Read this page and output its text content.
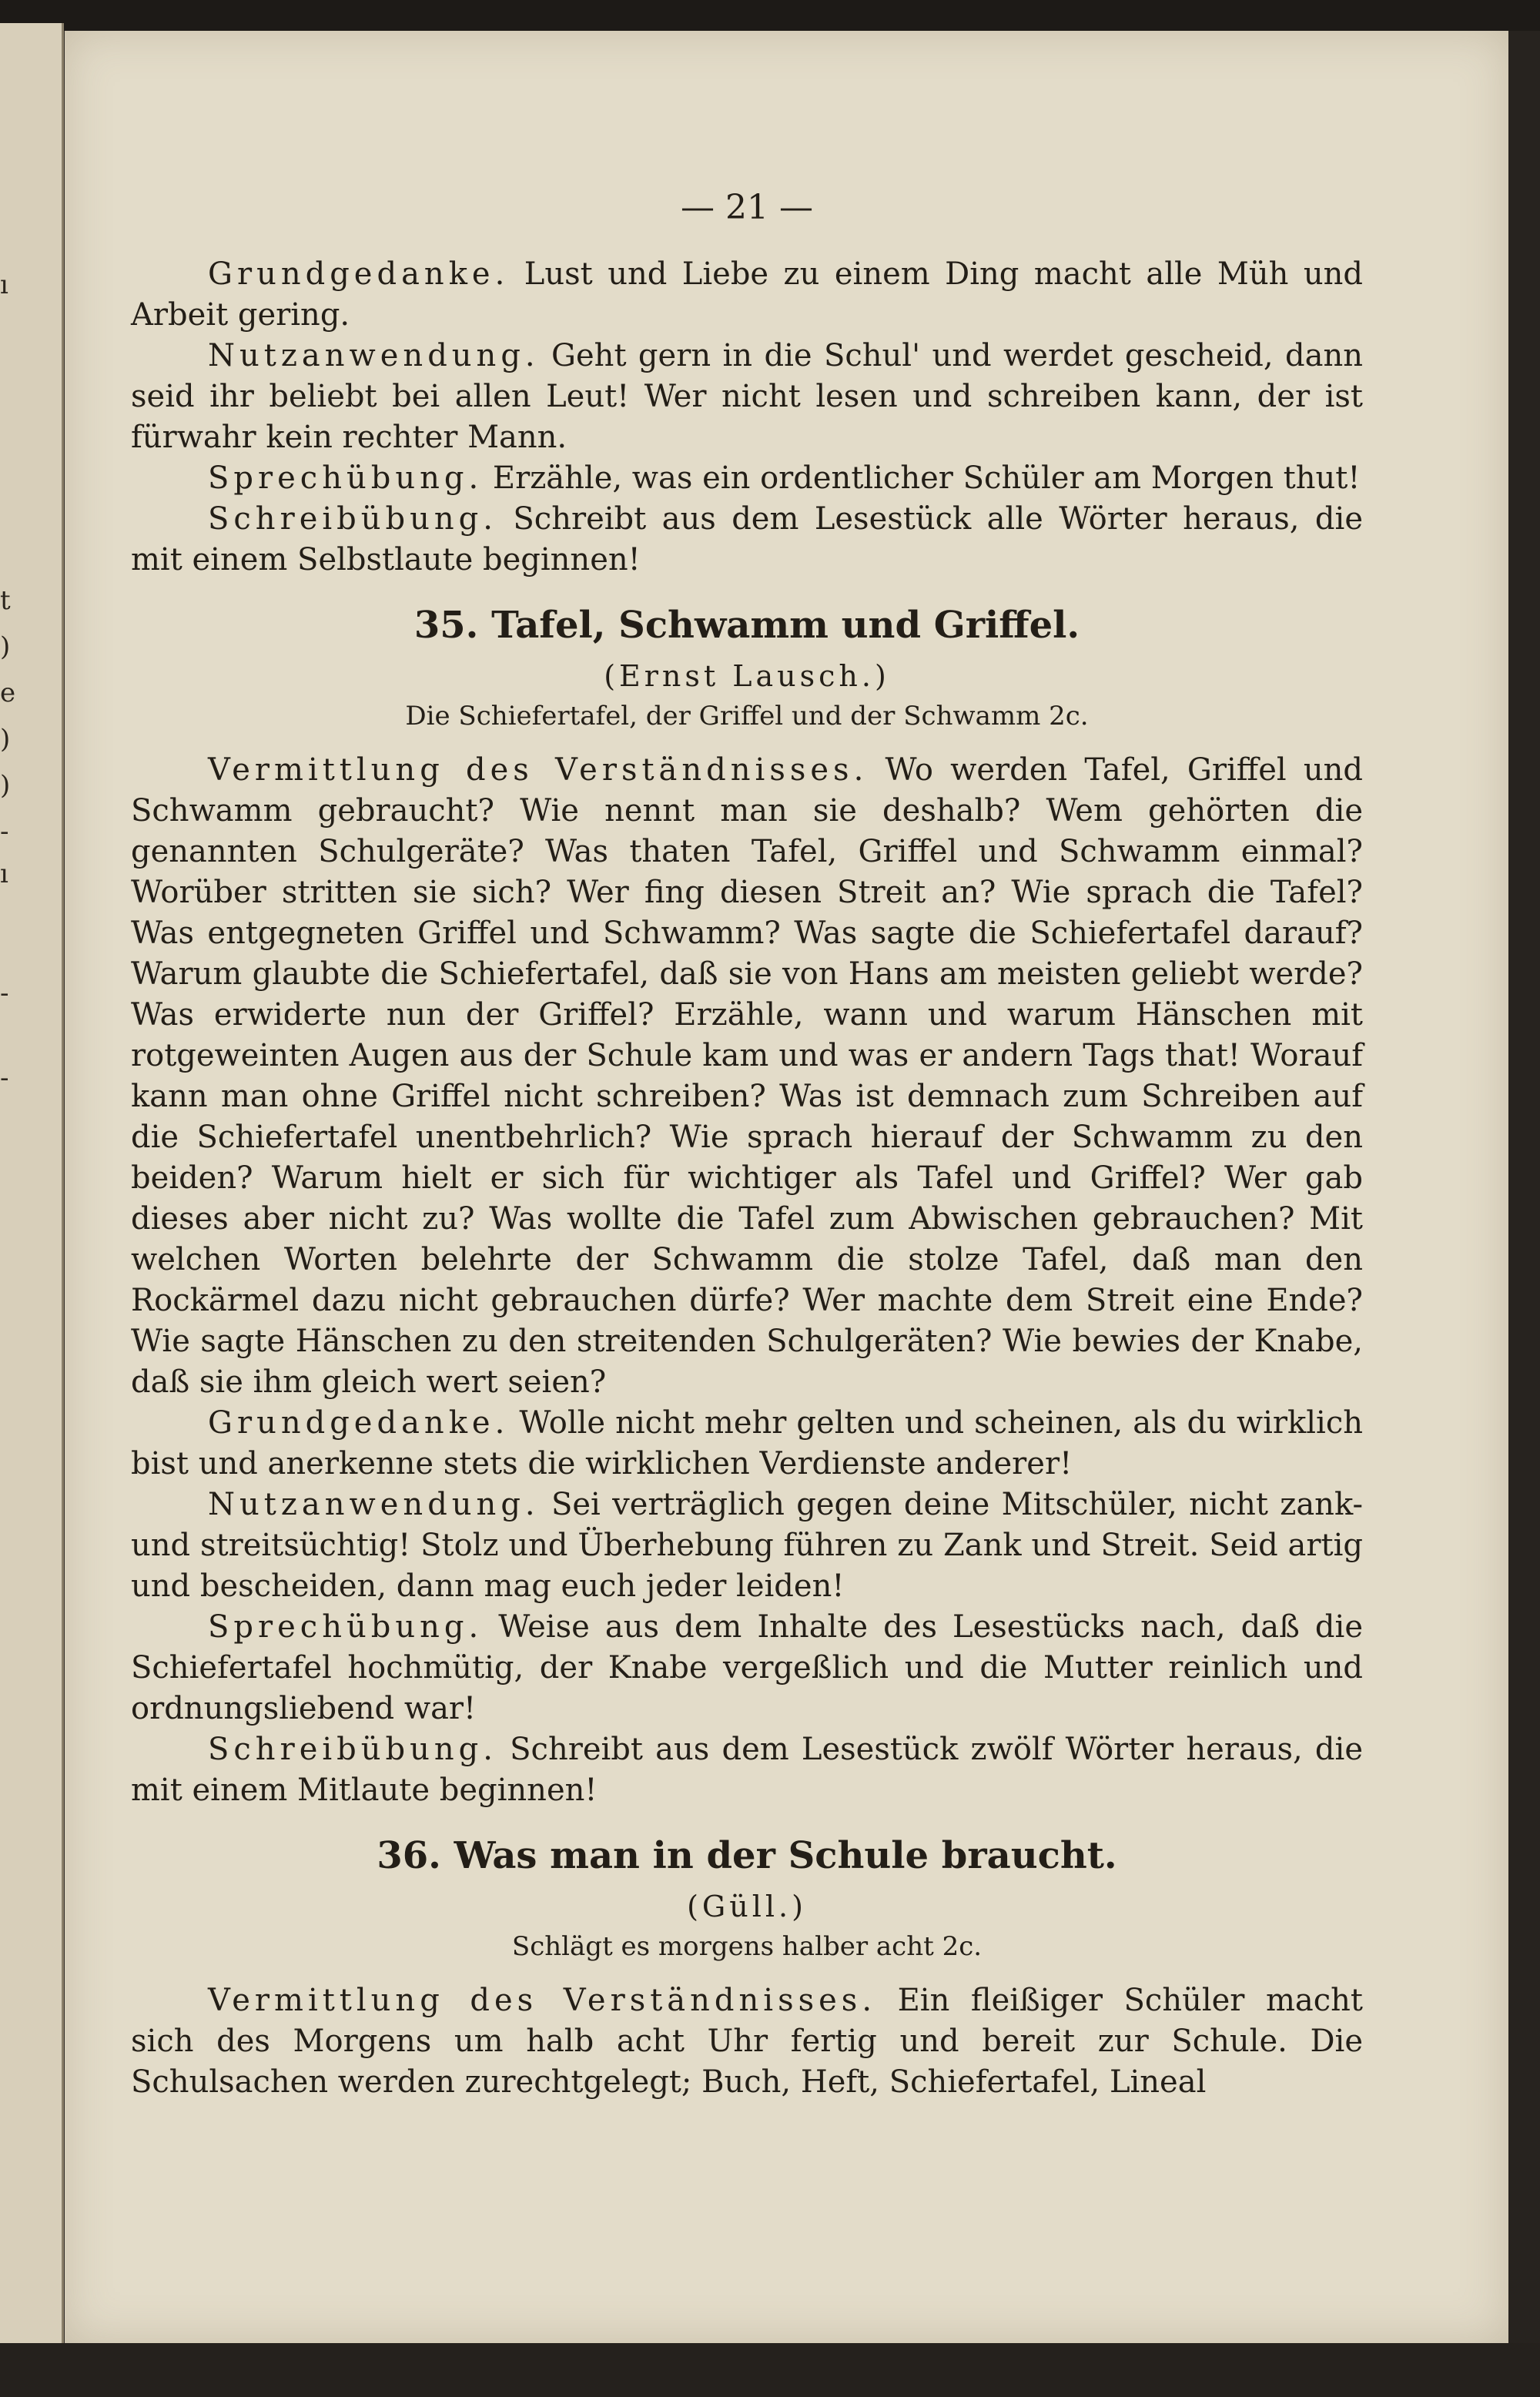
ı
t
)
e
)
)
-
ı
-
-
— 21 —

Grundgedanke. Lust und Liebe zu einem Ding macht alle Müh und Arbeit gering.

Nutzanwendung. Geht gern in die Schul' und werdet gescheid, dann seid ihr beliebt bei allen Leut! Wer nicht lesen und schreiben kann, der ist fürwahr kein rechter Mann.

Sprechübung. Erzähle, was ein ordentlicher Schüler am Morgen thut!

Schreibübung. Schreibt aus dem Lesestück alle Wörter heraus, die mit einem Selbstlaute beginnen!

35. Tafel, Schwamm und Griffel.
(Ernst Lausch.)
Die Schiefertafel, der Griffel und der Schwamm 2c.

Vermittlung des Verständnisses. Wo werden Tafel, Griffel und Schwamm gebraucht? Wie nennt man sie deshalb? Wem gehörten die genannten Schulgeräte? Was thaten Tafel, Griffel und Schwamm einmal? Worüber stritten sie sich? Wer fing diesen Streit an? Wie sprach die Tafel? Was entgegneten Griffel und Schwamm? Was sagte die Schiefertafel darauf? Warum glaubte die Schiefertafel, daß sie von Hans am meisten geliebt werde? Was erwiderte nun der Griffel? Erzähle, wann und warum Hänschen mit rotgeweinten Augen aus der Schule kam und was er andern Tags that! Worauf kann man ohne Griffel nicht schreiben? Was ist demnach zum Schreiben auf die Schiefertafel unentbehrlich? Wie sprach hierauf der Schwamm zu den beiden? Warum hielt er sich für wichtiger als Tafel und Griffel? Wer gab dieses aber nicht zu? Was wollte die Tafel zum Abwischen gebrauchen? Mit welchen Worten belehrte der Schwamm die stolze Tafel, daß man den Rockärmel dazu nicht gebrauchen dürfe? Wer machte dem Streit eine Ende? Wie sagte Hänschen zu den streitenden Schulgeräten? Wie bewies der Knabe, daß sie ihm gleich wert seien?

Grundgedanke. Wolle nicht mehr gelten und scheinen, als du wirklich bist und anerkenne stets die wirklichen Verdienste anderer!

Nutzanwendung. Sei verträglich gegen deine Mitschüler, nicht zank- und streitsüchtig! Stolz und Überhebung führen zu Zank und Streit. Seid artig und bescheiden, dann mag euch jeder leiden!

Sprechübung. Weise aus dem Inhalte des Lesestücks nach, daß die Schiefertafel hochmütig, der Knabe vergeßlich und die Mutter reinlich und ordnungsliebend war!

Schreibübung. Schreibt aus dem Lesestück zwölf Wörter heraus, die mit einem Mitlaute beginnen!

36. Was man in der Schule braucht.
(Güll.)
Schlägt es morgens halber acht 2c.

Vermittlung des Verständnisses. Ein fleißiger Schüler macht sich des Morgens um halb acht Uhr fertig und bereit zur Schule. Die Schulsachen werden zurechtgelegt; Buch, Heft, Schiefertafel, Lineal
